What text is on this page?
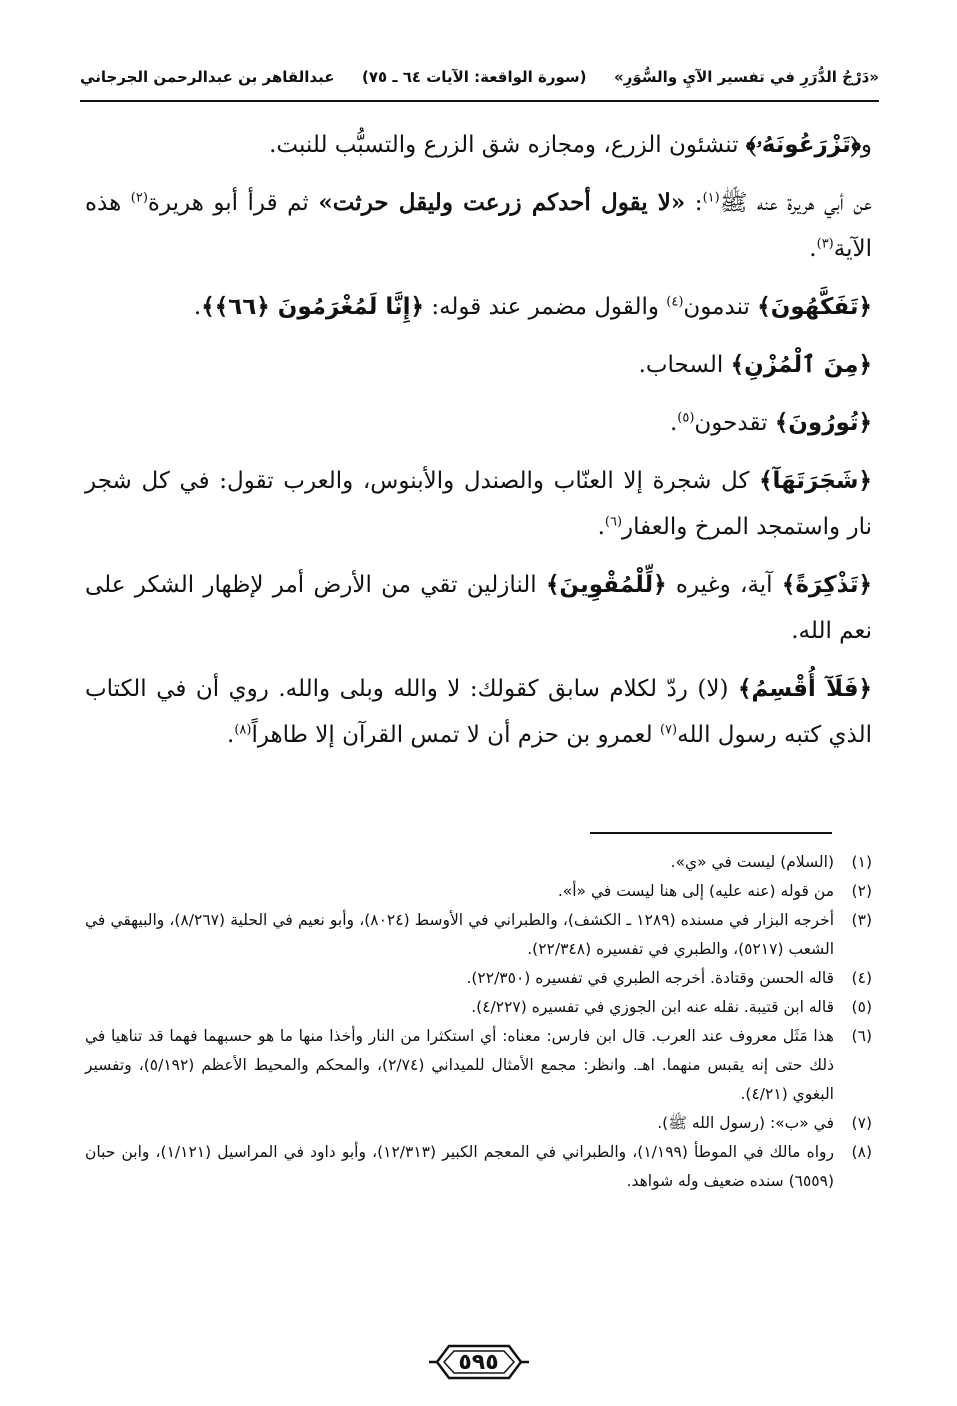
«دَرْجُ الدُّرَرِ في تفسير الآيِ والسُّوَرِ»
(سورة الواقعة: الآيات ٦٤ ـ ٧٥)
عبدالقاهر بن عبدالرحمن الجرجاني

و﴿تَزْرَعُونَهُۥ﴾ تنشئون الزرع، ومجازه شق الزرع والتسبُّب للنبت.

عن أبي هريرة عنه ﷺ$^{(١)}$: «لا يقول أحدكم زرعت وليقل حرثت» ثم قرأ أبو هريرة$^{(٢)}$ هذه الآية$^{(٣)}$.

﴿تَفَكَّهُونَ﴾ تندمون$^{(٤)}$ والقول مضمر عند قوله: ﴿إِنَّا لَمُغْرَمُونَ ﴿٦٦﴾﴾.

﴿مِنَ ٱلْمُزْنِ﴾ السحاب.

﴿تُورُونَ﴾ تقدحون$^{(٥)}$.

﴿شَجَرَتَهَآ﴾ كل شجرة إلا العنّاب والصندل والأبنوس، والعرب تقول: في كل شجر نار واستمجد المرخ والعفار$^{(٦)}$.

﴿تَذْكِرَةً﴾ آية، وغيره ﴿لِّلْمُقْوِينَ﴾ النازلين تقي من الأرض أمر لإظهار الشكر على نعم الله.

﴿فَلَآ أُقْسِمُ﴾ (لا) ردّ لكلام سابق كقولك: لا والله وبلى والله. روي أن في الكتاب الذي كتبه رسول الله$^{(٧)}$ لعمرو بن حزم أن لا تمس القرآن إلا طاهراً$^{(٨)}$.

(١)
(السلام) ليست في «ي».
(٢)
من قوله (عنه عليه) إلى هنا ليست في «أ».
(٣)
أخرجه البزار في مسنده (١٢٨٩ ـ الكشف)، والطبراني في الأوسط (٨٠٢٤)، وأبو نعيم في الحلية (٨/٢٦٧)، والبيهقي في الشعب (٥٢١٧)، والطبري في تفسيره (٢٢/٣٤٨).
(٤)
قاله الحسن وقتادة. أخرجه الطبري في تفسيره (٢٢/٣٥٠).
(٥)
قاله ابن قتيبة. نقله عنه ابن الجوزي في تفسيره (٤/٢٢٧).
(٦)
هذا مَثَل معروف عند العرب. قال ابن فارس: معناه: أي استكثرا من النار وأخذا منها ما هو حسبهما فهما قد تناهيا في ذلك حتى إنه يقبس منهما. اهـ. وانظر: مجمع الأمثال للميداني (٢/٧٤)، والمحكم والمحيط الأعظم (٥/١٩٢)، وتفسير البغوي (٤/٢١).
(٧)
في «ب»: (رسول الله ﷺ).
(٨)
رواه مالك في الموطأ (١/١٩٩)، والطبراني في المعجم الكبير (١٢/٣١٣)، وأبو داود في المراسيل (١/١٢١)، وابن حبان (٦٥٥٩) سنده ضعيف وله شواهد.
٥٩٥
